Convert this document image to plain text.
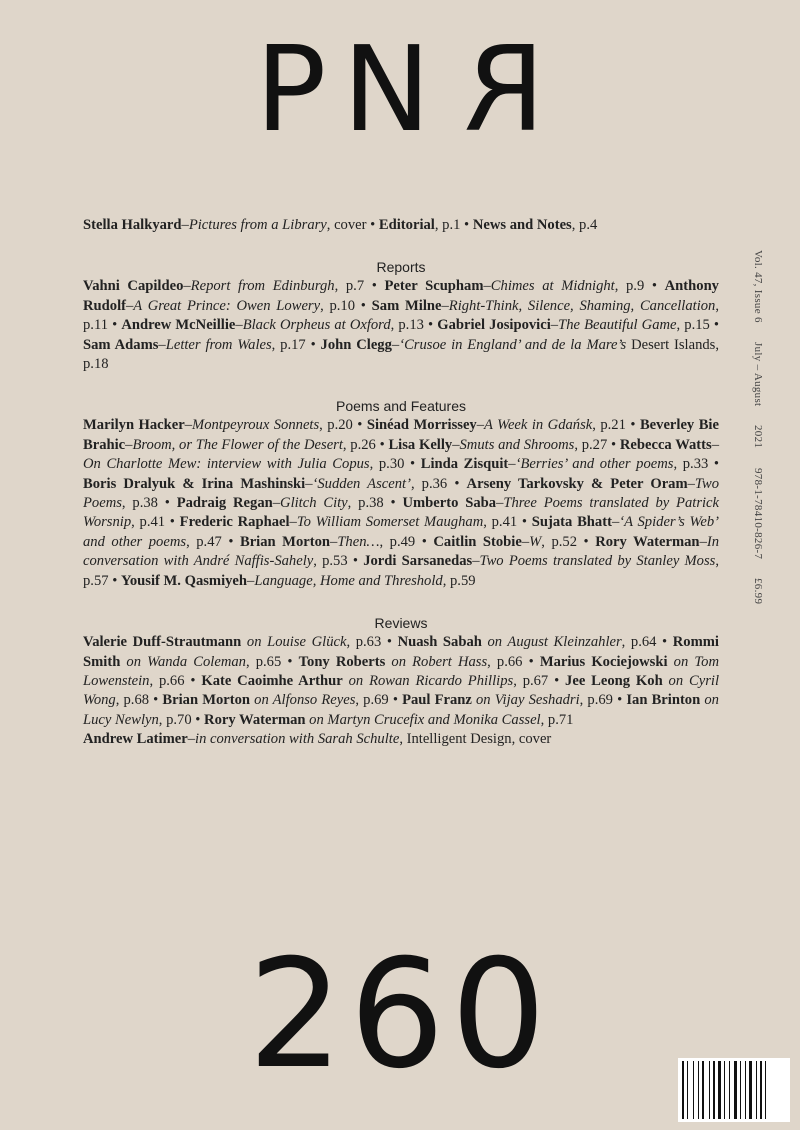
PNR

Stella Halkyard–Pictures from a Library, cover • Editorial, p.1 • News and Notes, p.4

Reports

Vahni Capildeo–Report from Edinburgh, p.7 • Peter Scupham–Chimes at Midnight, p.9 • Anthony Rudolf–A Great Prince: Owen Lowery, p.10 • Sam Milne–Right-Think, Silence, Shaming, Cancellation, p.11 • Andrew McNeillie–Black Orpheus at Oxford, p.13 • Gabriel Josipovici–The Beautiful Game, p.15 • Sam Adams–Letter from Wales, p.17 • John Clegg–‘Crusoe in England’ and de la Mare’s Desert Islands, p.18

Poems and Features

Marilyn Hacker–Montpeyroux Sonnets, p.20 • Sinéad Morrissey–A Week in Gdańsk, p.21 • Beverley Bie Brahic–Broom, or The Flower of the Desert, p.26 • Lisa Kelly–Smuts and Shrooms, p.27 • Rebecca Watts–On Charlotte Mew: interview with Julia Copus, p.30 • Linda Zisquit–‘Berries’ and other poems, p.33 • Boris Dralyuk & Irina Mashinski–‘Sudden Ascent’, p.36 • Arseny Tarkovsky & Peter Oram–Two Poems, p.38 • Padraig Regan–Glitch City, p.38 • Umberto Saba–Three Poems translated by Patrick Worsnip, p.41 • Frederic Raphael–To William Somerset Maugham, p.41 • Sujata Bhatt–‘A Spider’s Web’ and other poems, p.47 • Brian Morton–Then…, p.49 • Caitlin Stobie–W, p.52 • Rory Waterman–In conversation with André Naffis-Sahely, p.53 • Jordi Sarsanedas–Two Poems translated by Stanley Moss, p.57 • Yousif M. Qasmiyeh–Language, Home and Threshold, p.59

Reviews

Valerie Duff-Strautmann on Louise Glück, p.63 • Nuash Sabah on August Kleinzahler, p.64 • Rommi Smith on Wanda Coleman, p.65 • Tony Roberts on Robert Hass, p.66 • Marius Kociejowski on Tom Lowenstein, p.66 • Kate Caoimhe Arthur on Rowan Ricardo Phillips, p.67 • Jee Leong Koh on Cyril Wong, p.68 • Brian Morton on Alfonso Reyes, p.69 • Paul Franz on Vijay Seshadri, p.69 • Ian Brinton on Lucy Newlyn, p.70 • Rory Waterman on Martyn Crucefix and Monika Cassel, p.71

Andrew Latimer–in conversation with Sarah Schulte, Intelligent Design, cover

Vol. 47, Issue 6 July – August 2021 978-1-78410-826-7 £6.99
260
